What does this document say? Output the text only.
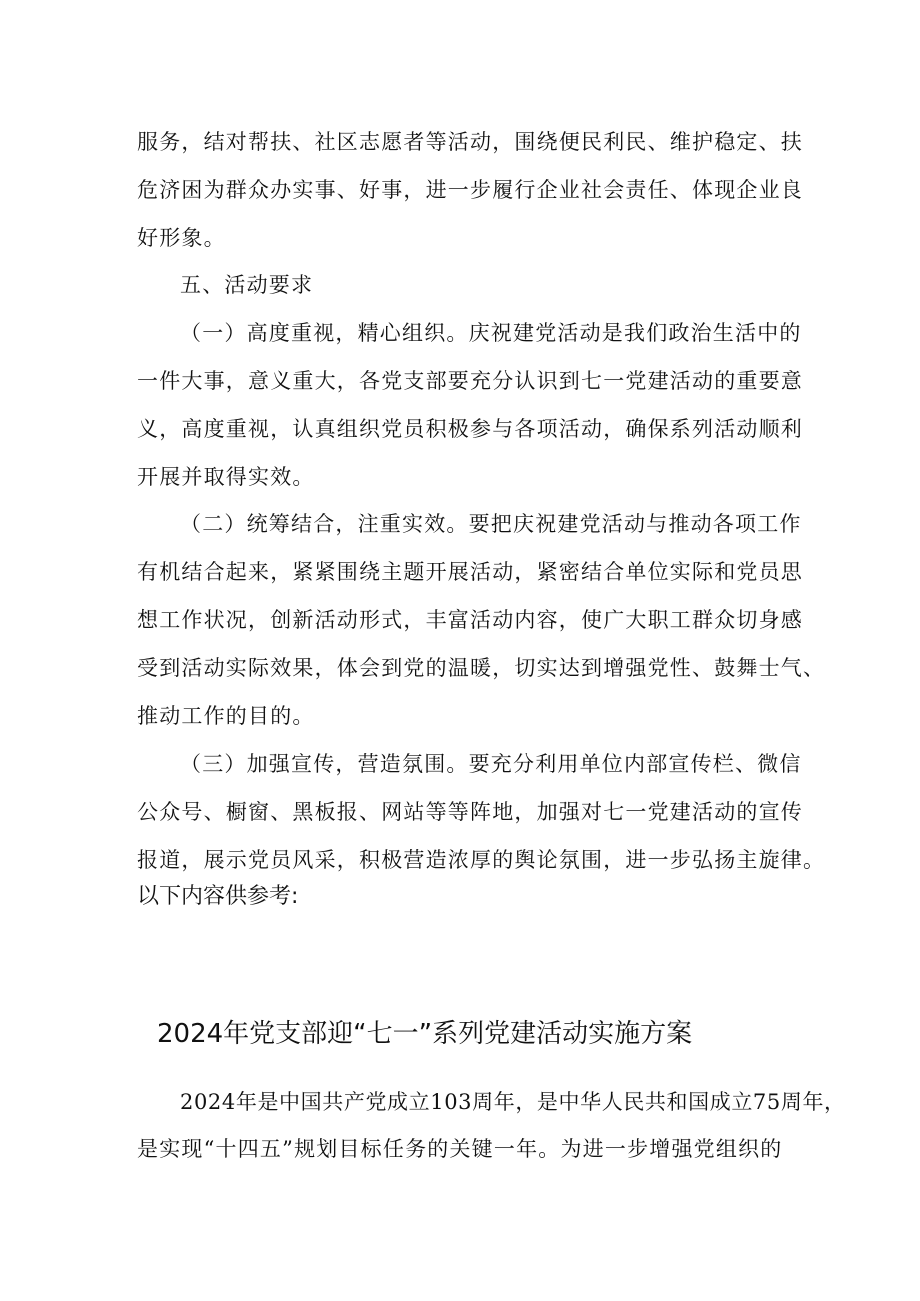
服务，结对帮扶、社区志愿者等活动，围绕便民利民、维护稳定、扶
危济困为群众办实事、好事，进一步履行企业社会责任、体现企业良
好形象。
五、活动要求
（一）高度重视，精心组织。庆祝建党活动是我们政治生活中的
一件大事，意义重大，各党支部要充分认识到七一党建活动的重要意
义，高度重视，认真组织党员积极参与各项活动，确保系列活动顺利
开展并取得实效。
（二）统筹结合，注重实效。要把庆祝建党活动与推动各项工作
有机结合起来，紧紧围绕主题开展活动，紧密结合单位实际和党员思
想工作状况，创新活动形式，丰富活动内容，使广大职工群众切身感
受到活动实际效果，体会到党的温暖，切实达到增强党性、鼓舞士气、
推动工作的目的。
（三）加强宣传，营造氛围。要充分利用单位内部宣传栏、微信
公众号、橱窗、黑板报、网站等等阵地，加强对七一党建活动的宣传
报道，展示党员风采，积极营造浓厚的舆论氛围，进一步弘扬主旋律。
以下内容供参考:
2024年党支部迎“七一”系列党建活动实施方案
2024年是中国共产党成立103周年，是中华人民共和国成立75周年，
是实现“十四五”规划目标任务的关键一年。为进一步增强党组织的
